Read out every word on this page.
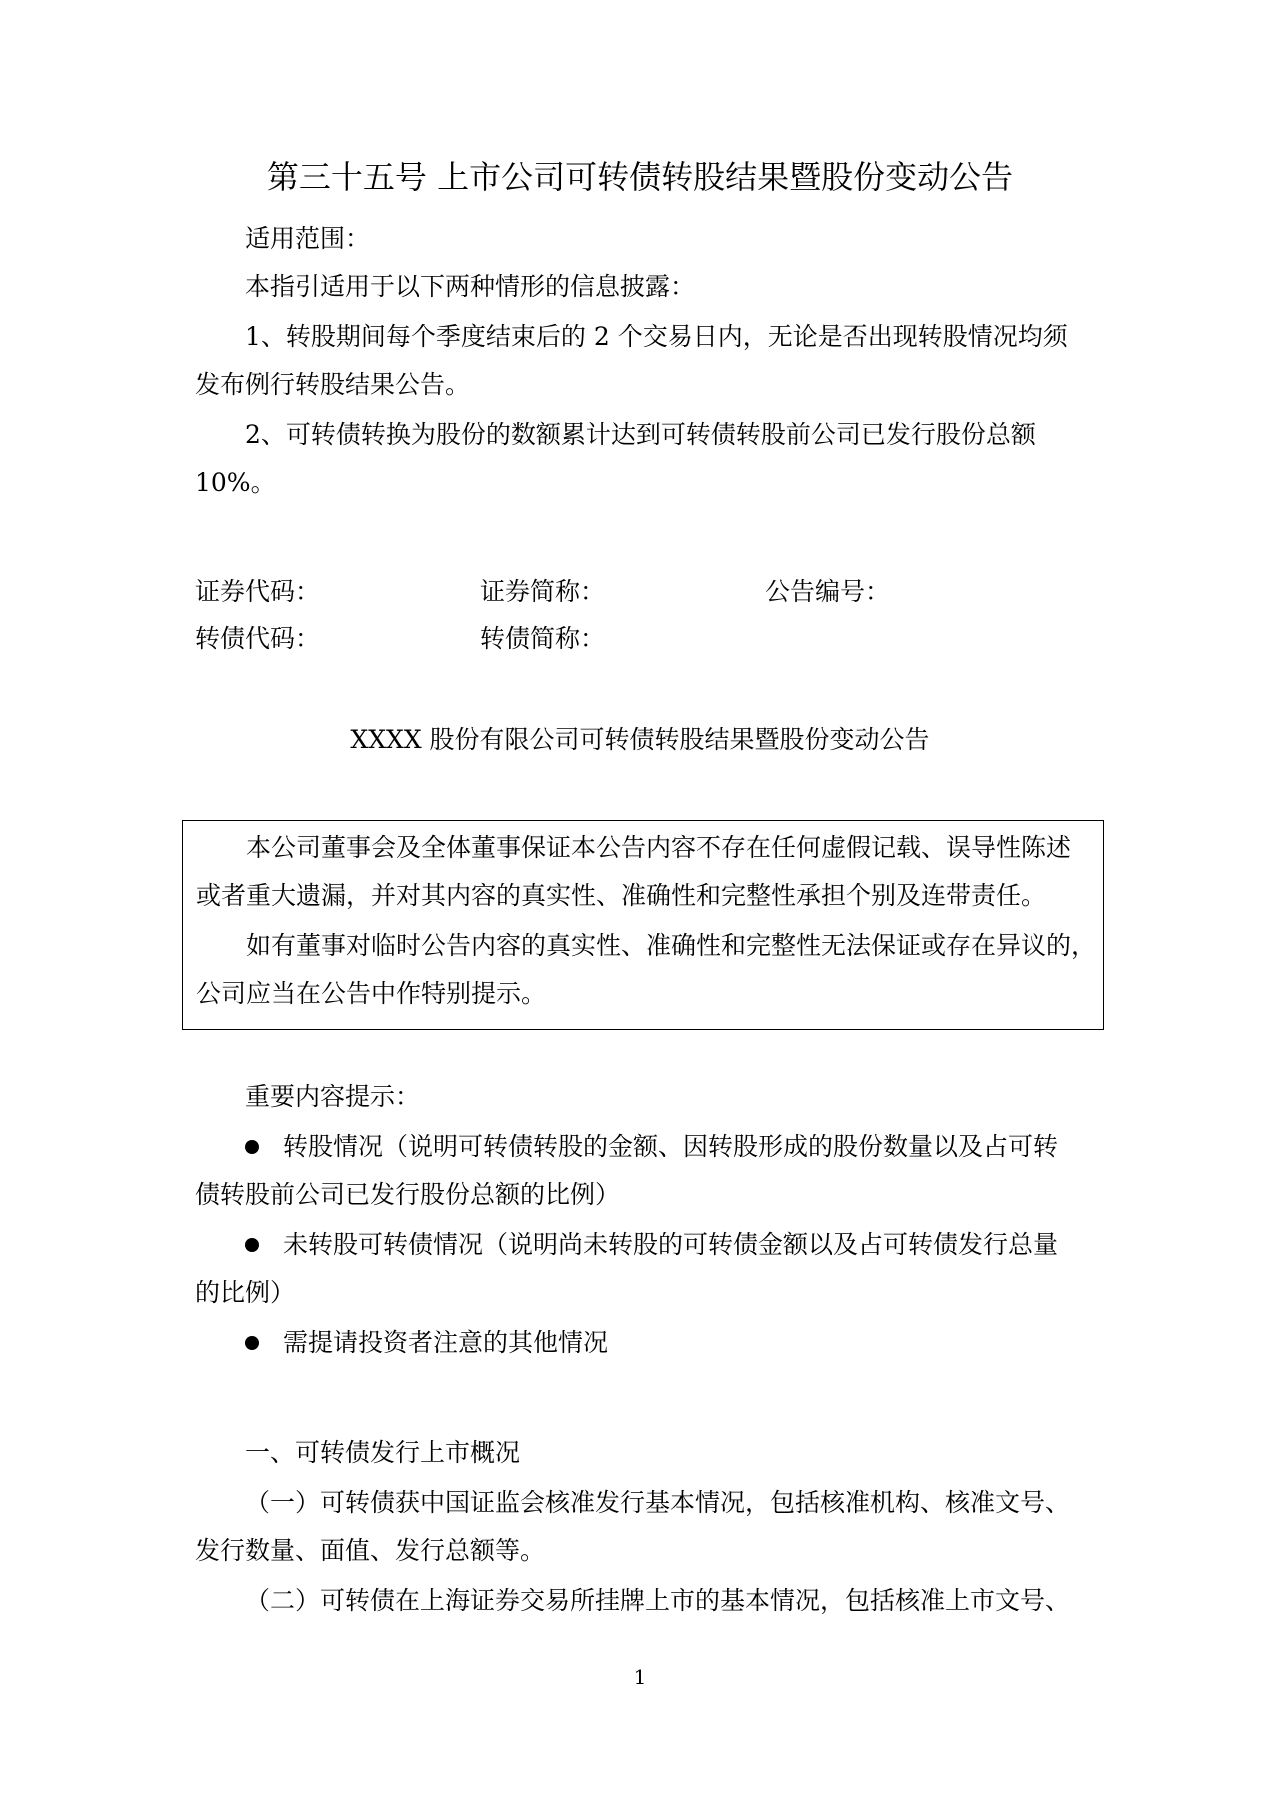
第三十五号 上市公司可转债转股结果暨股份变动公告
适用范围：
本指引适用于以下两种情形的信息披露：
1、转股期间每个季度结束后的 2 个交易日内，无论是否出现转股情况均须
发布例行转股结果公告。
2、可转债转换为股份的数额累计达到可转债转股前公司已发行股份总额
10%。
证券代码：	证券简称：	公告编号：
转债代码：	转债简称：
XXXX 股份有限公司可转债转股结果暨股份变动公告
本公司董事会及全体董事保证本公告内容不存在任何虚假记载、误导性陈述
或者重大遗漏，并对其内容的真实性、准确性和完整性承担个别及连带责任。
如有董事对临时公告内容的真实性、准确性和完整性无法保证或存在异议的，
公司应当在公告中作特别提示。
重要内容提示：
转股情况（说明可转债转股的金额、因转股形成的股份数量以及占可转
债转股前公司已发行股份总额的比例）
未转股可转债情况（说明尚未转股的可转债金额以及占可转债发行总量
的比例）
需提请投资者注意的其他情况
一、可转债发行上市概况
（一）可转债获中国证监会核准发行基本情况，包括核准机构、核准文号、
发行数量、面值、发行总额等。
（二）可转债在上海证券交易所挂牌上市的基本情况，包括核准上市文号、
1
